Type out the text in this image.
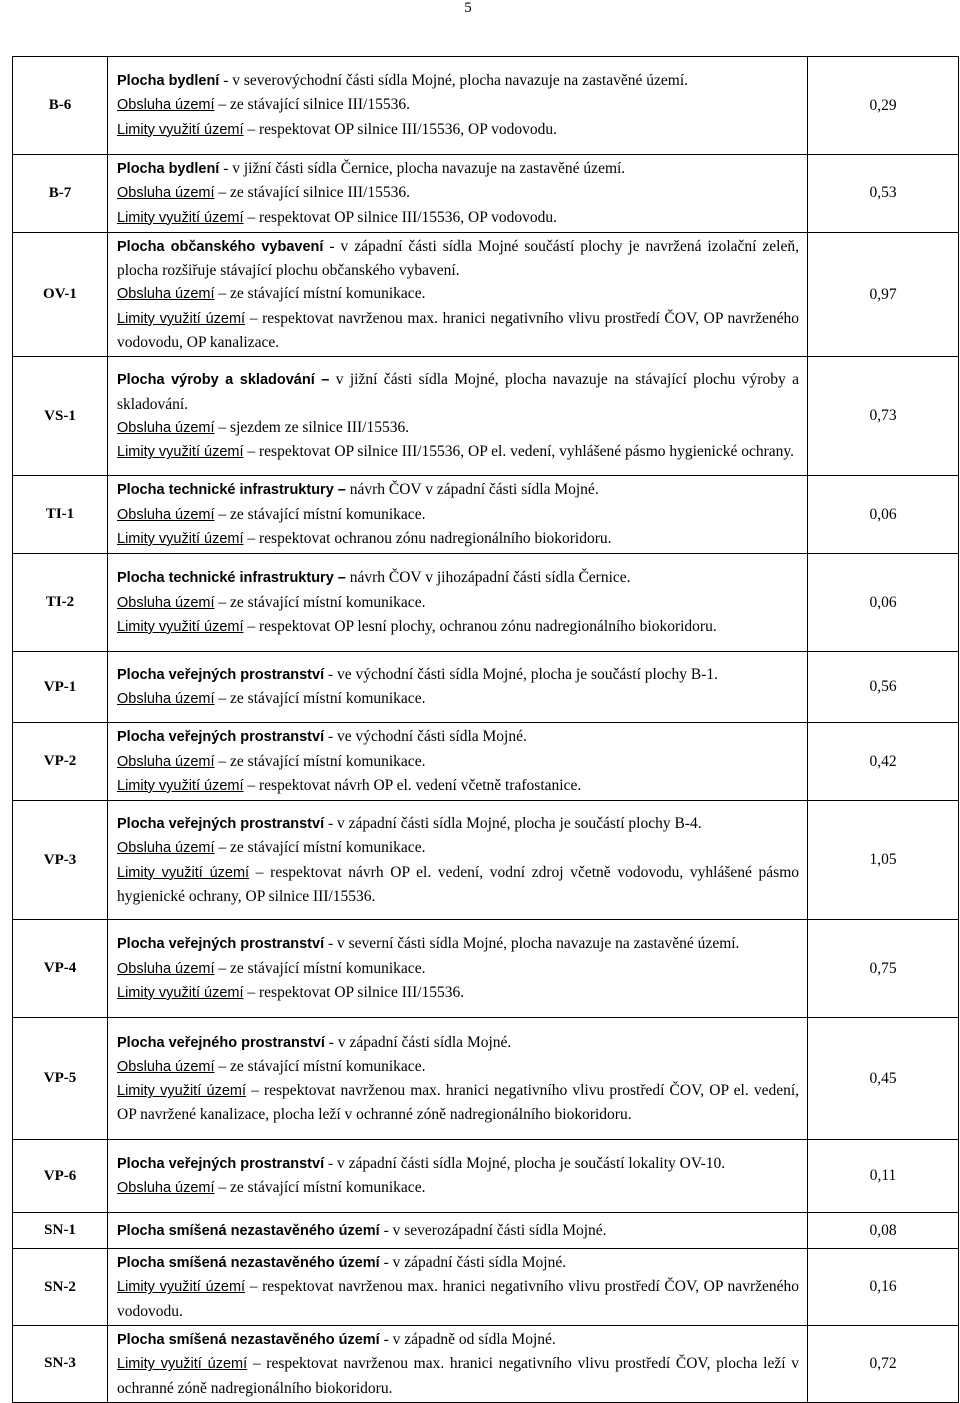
5
B-6	Plocha bydlení - v severovýchodní části sídla Mojné, plocha navazuje na zastavěné území.

Obsluha území – ze stávající silnice III/15536.

Limity využití území – respektovat OP silnice III/15536, OP vodovodu.	0,29
B-7	Plocha bydlení - v jižní části sídla Černice, plocha navazuje na zastavěné území.

Obsluha území – ze stávající silnice III/15536.

Limity využití území – respektovat OP silnice III/15536, OP vodovodu.	0,53
OV-1	Plocha občanského vybavení - v západní části sídla Mojné součástí plochy je navržená izolační zeleň, plocha rozšiřuje stávající plochu občanského vybavení.

Obsluha území – ze stávající místní komunikace.

Limity využití území – respektovat navrženou max. hranici negativního vlivu prostředí ČOV, OP navrženého vodovodu, OP kanalizace.	0,97
VS-1	Plocha výroby a skladování – v jižní části sídla Mojné, plocha navazuje na stávající plochu výroby a skladování.

Obsluha území – sjezdem ze silnice III/15536.

Limity využití území – respektovat OP silnice III/15536, OP el. vedení, vyhlášené pásmo hygienické ochrany.	0,73
TI-1	Plocha technické infrastruktury – návrh ČOV v západní části sídla Mojné.

Obsluha území – ze stávající místní komunikace.

Limity využití území – respektovat ochranou zónu nadregionálního biokoridoru.	0,06
TI-2	Plocha technické infrastruktury – návrh ČOV v jihozápadní části sídla Černice.

Obsluha území – ze stávající místní komunikace.

Limity využití území – respektovat OP lesní plochy, ochranou zónu nadregionálního biokoridoru.	0,06
VP-1	Plocha veřejných prostranství - ve východní části sídla Mojné, plocha je součástí plochy B-1.

Obsluha území – ze stávající místní komunikace.	0,56
VP-2	Plocha veřejných prostranství - ve východní části sídla Mojné.

Obsluha území – ze stávající místní komunikace.

Limity využití území – respektovat návrh OP el. vedení včetně trafostanice.	0,42
VP-3	Plocha veřejných prostranství - v západní části sídla Mojné, plocha je součástí plochy B-4.

Obsluha území – ze stávající místní komunikace.

Limity využití území – respektovat návrh OP el. vedení, vodní zdroj včetně vodovodu, vyhlášené pásmo hygienické ochrany, OP silnice III/15536.	1,05
VP-4	Plocha veřejných prostranství - v severní části sídla Mojné, plocha navazuje na zastavěné území.

Obsluha území – ze stávající místní komunikace.

Limity využití území – respektovat OP silnice III/15536.	0,75
VP-5	Plocha veřejného prostranství - v západní části sídla Mojné.

Obsluha území – ze stávající místní komunikace.

Limity využití území – respektovat navrženou max. hranici negativního vlivu prostředí ČOV, OP el. vedení, OP navržené kanalizace, plocha leží v ochranné zóně nadregionálního biokoridoru.	0,45
VP-6	Plocha veřejných prostranství - v západní části sídla Mojné, plocha je součástí lokality OV-10.

Obsluha území – ze stávající místní komunikace.	0,11
SN-1	Plocha smíšená nezastavěného území - v severozápadní části sídla Mojné.	0,08
SN-2	Plocha smíšená nezastavěného území - v západní části sídla Mojné.

Limity využití území – respektovat navrženou max. hranici negativního vlivu prostředí ČOV, OP navrženého vodovodu.	0,16
SN-3	Plocha smíšená nezastavěného území - v západně od sídla Mojné.

Limity využití území – respektovat navrženou max. hranici negativního vlivu prostředí ČOV, plocha leží v ochranné zóně nadregionálního biokoridoru.	0,72
